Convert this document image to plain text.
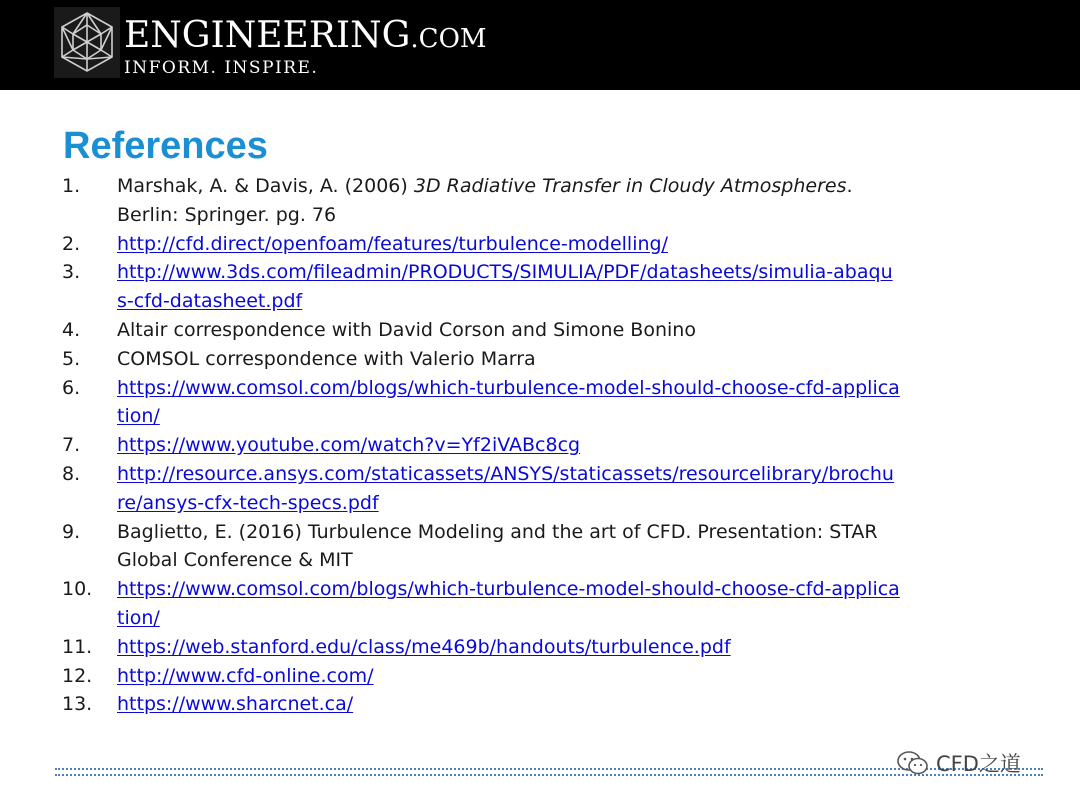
ENGINEERING.COM
INFORM. INSPIRE.
References
1. Marshak, A. & Davis, A. (2006) 3D Radiative Transfer in Cloudy Atmospheres. Berlin: Springer. pg. 76
2. http://cfd.direct/openfoam/features/turbulence-modelling/
3. http://www.3ds.com/fileadmin/PRODUCTS/SIMULIA/PDF/datasheets/simulia-abaqus-cfd-datasheet.pdf
4. Altair correspondence with David Corson and Simone Bonino
5. COMSOL correspondence with Valerio Marra
6. https://www.comsol.com/blogs/which-turbulence-model-should-choose-cfd-application/
7. https://www.youtube.com/watch?v=Yf2iVABc8cg
8. http://resource.ansys.com/staticassets/ANSYS/staticassets/resourcelibrary/brochure/ansys-cfx-tech-specs.pdf
9. Baglietto, E. (2016) Turbulence Modeling and the art of CFD. Presentation: STAR Global Conference & MIT
10. https://www.comsol.com/blogs/which-turbulence-model-should-choose-cfd-application/
11. https://web.stanford.edu/class/me469b/handouts/turbulence.pdf
12. http://www.cfd-online.com/
13. https://www.sharcnet.ca/
CFD之道
